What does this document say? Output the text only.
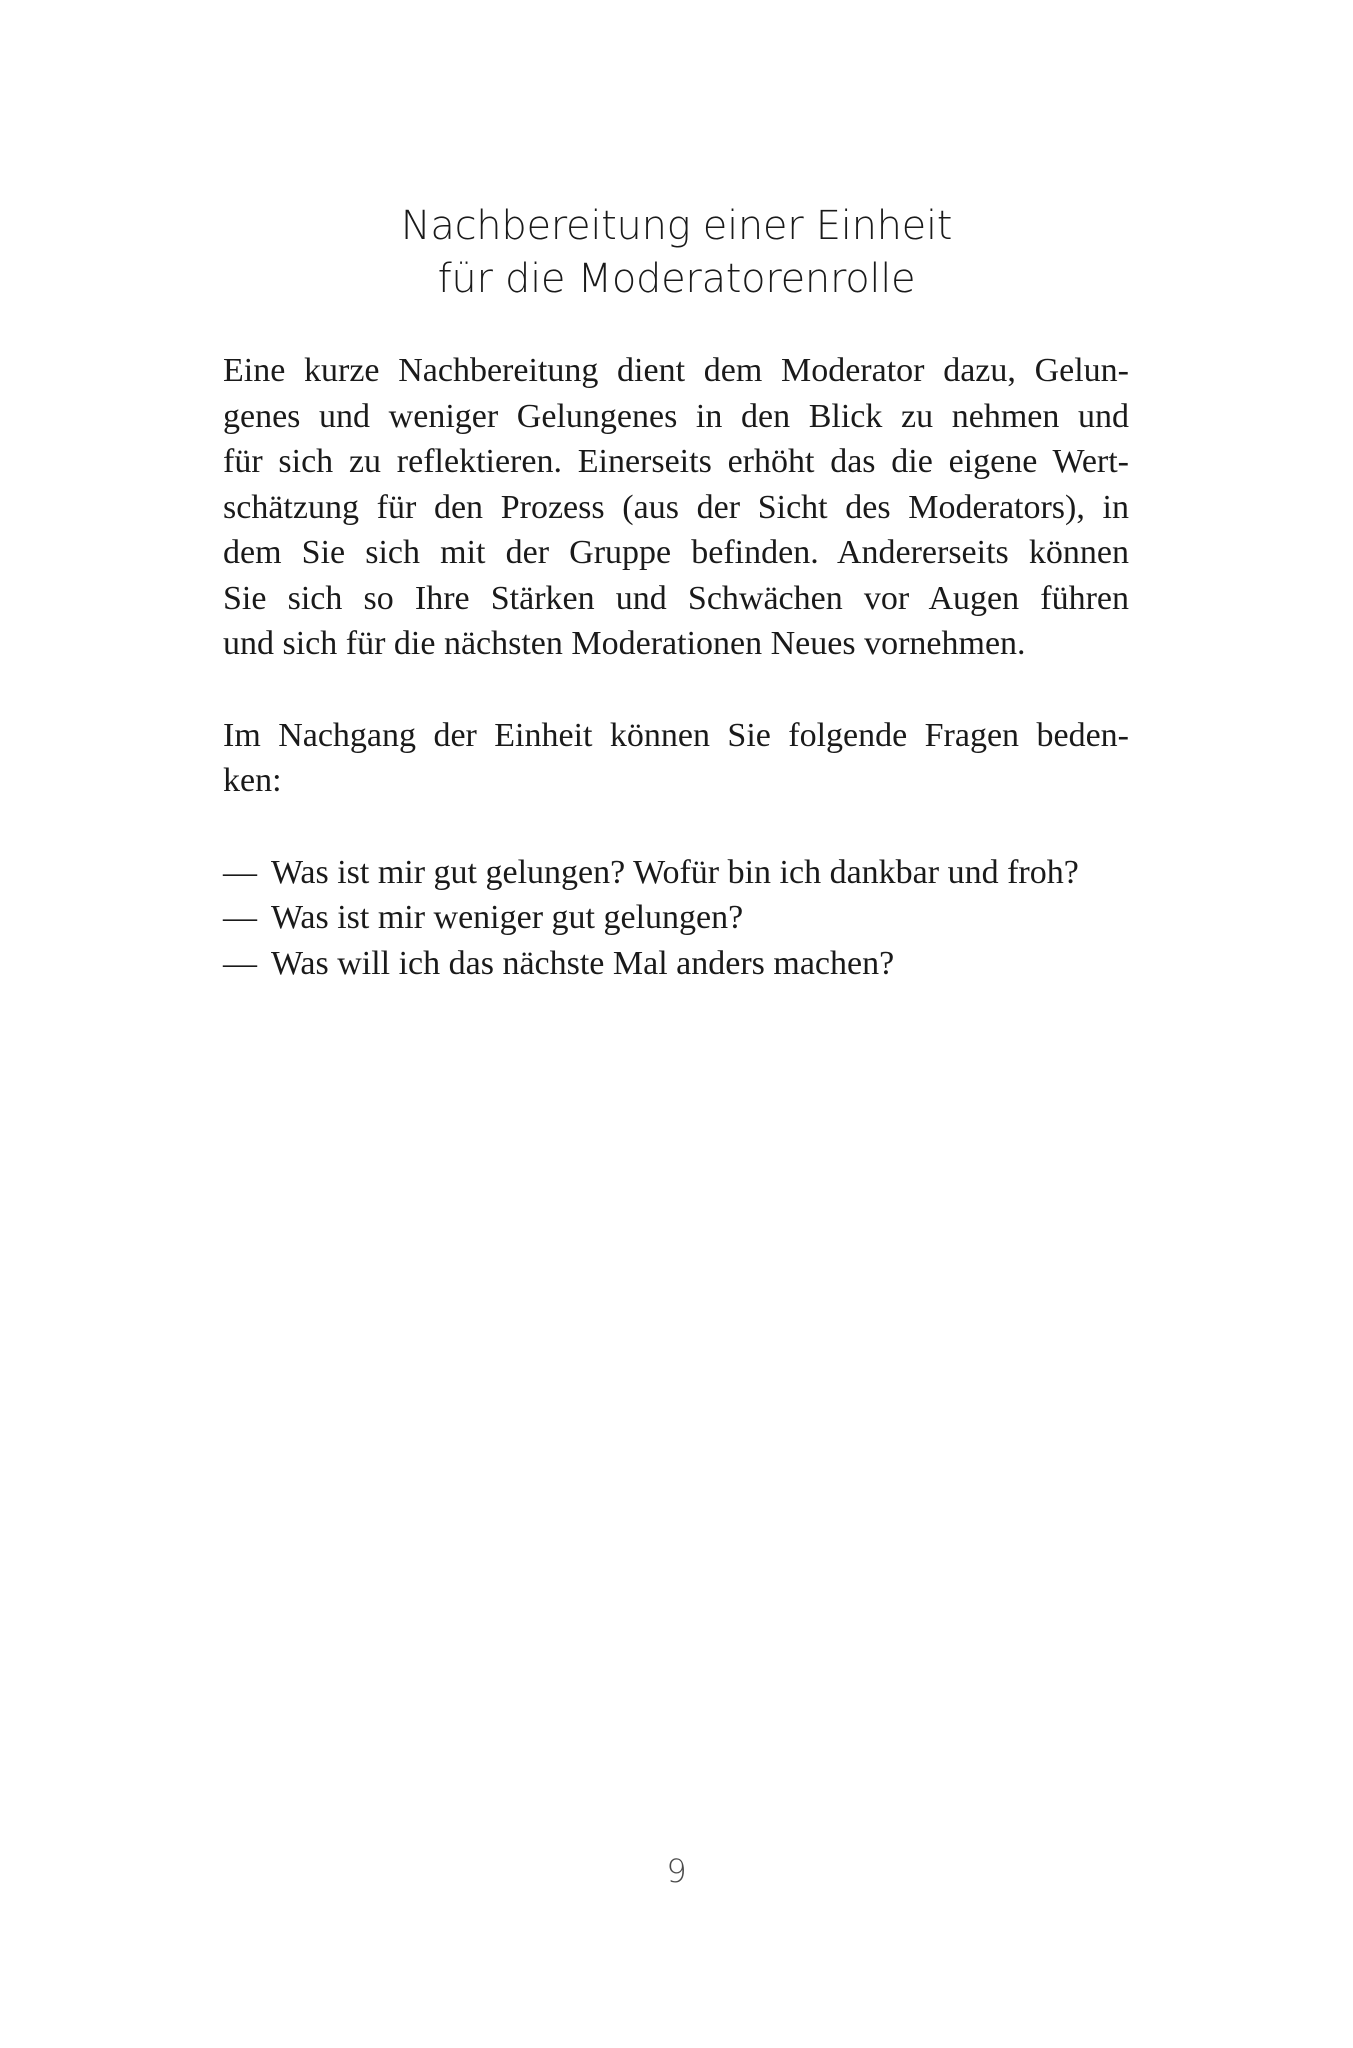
Nachbereitung einer Einheit
für die Moderatorenrolle

Eine kurze Nachbereitung dient dem Moderator dazu, Gelun-
genes und weniger Gelungenes in den Blick zu nehmen und
für sich zu reflektieren. Einerseits erhöht das die eigene Wert-
schätzung für den Prozess (aus der Sicht des Moderators), in
dem Sie sich mit der Gruppe befinden. Andererseits können
Sie sich so Ihre Stärken und Schwächen vor Augen führen
und sich für die nächsten Moderationen Neues vornehmen.

Im Nachgang der Einheit können Sie folgende Fragen beden-
ken:

— Was ist mir gut gelungen? Wofür bin ich dankbar und froh?
— Was ist mir weniger gut gelungen?
— Was will ich das nächste Mal anders machen?
9
